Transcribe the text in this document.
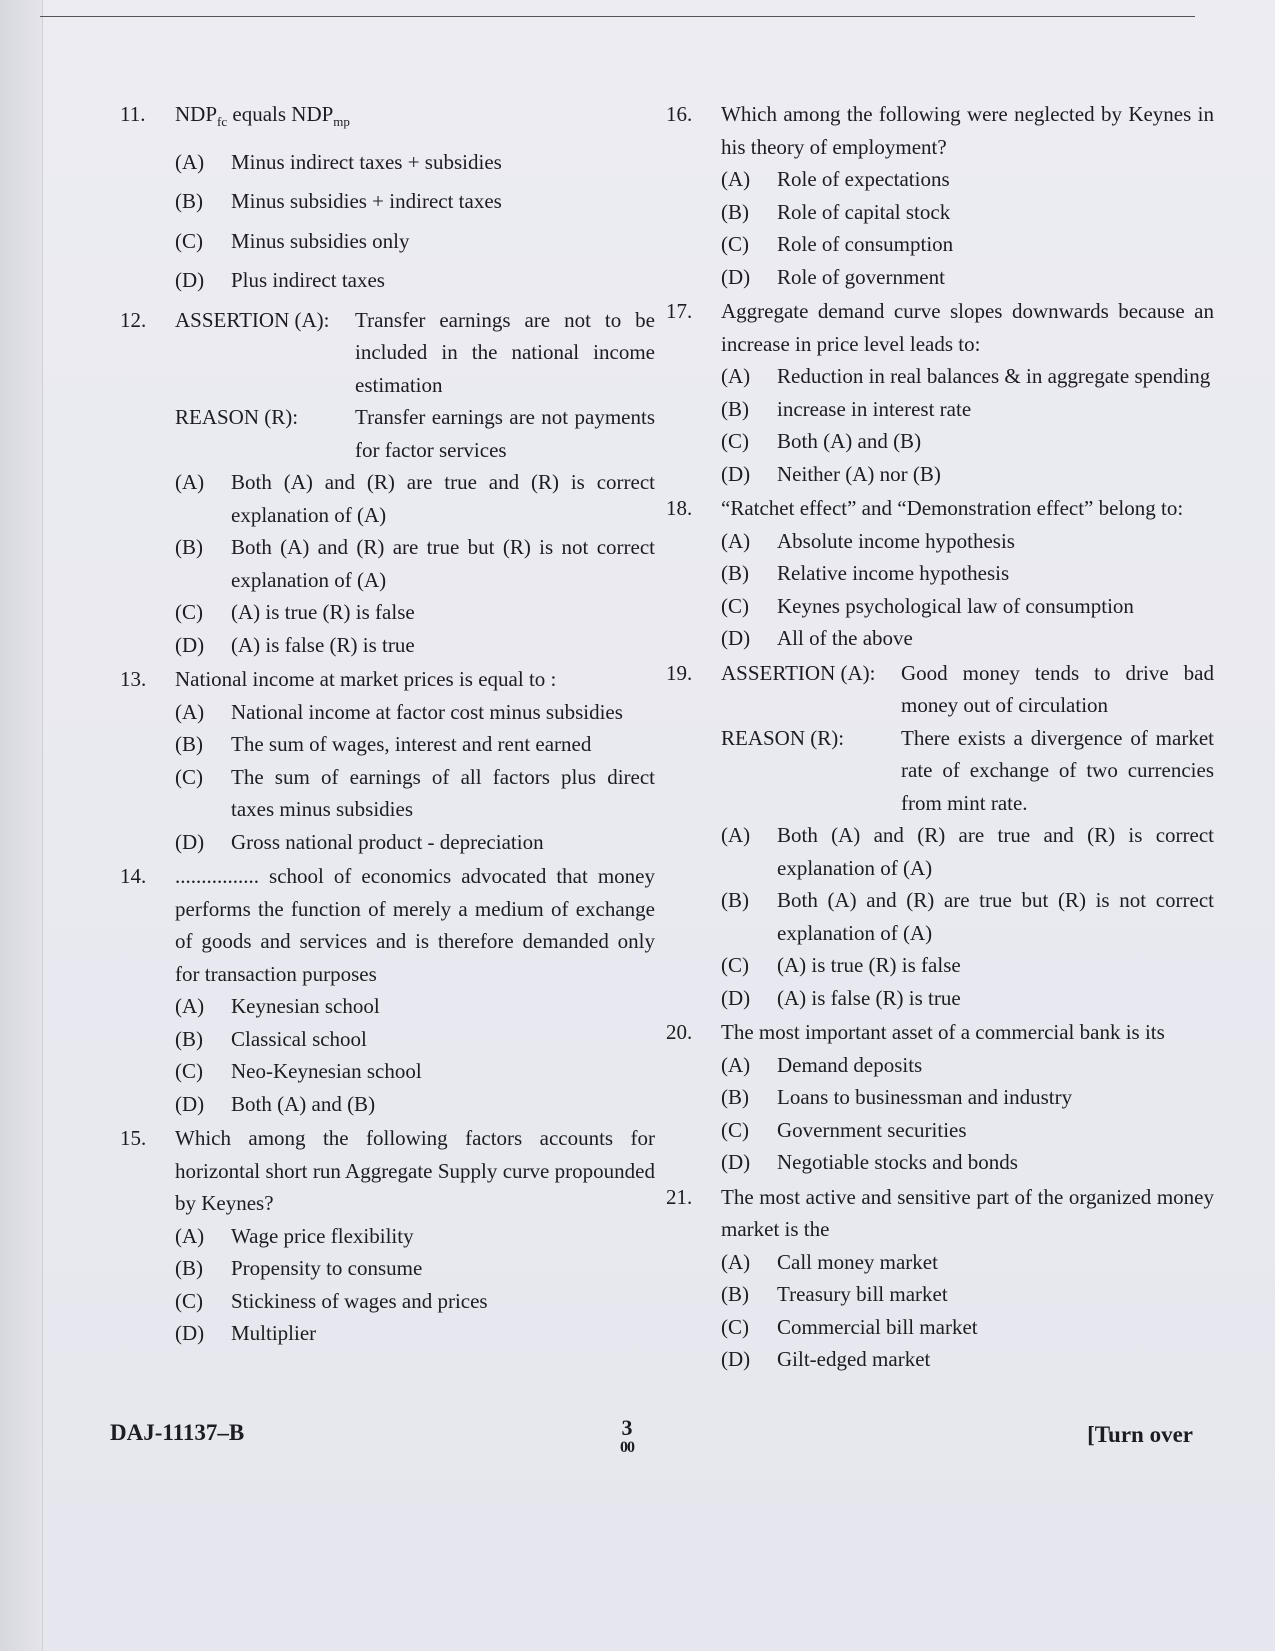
11.	$NDP_{fc}$ equals $NDP_{mp}$
(A)	Minus indirect taxes + subsidies
(B)	Minus subsidies + indirect taxes
(C)	Minus subsidies only
(D)	Plus indirect taxes
12.	ASSERTION (A):	Transfer earnings are not to be included in the national income estimation
REASON (R):	Transfer earnings are not payments for factor services
(A)	Both (A) and (R) are true and (R) is correct explanation of (A)
(B)	Both (A) and (R) are true but (R) is not correct explanation of (A)
(C)	(A) is true (R) is false
(D)	(A) is false (R) is true
13.	National income at market prices is equal to :
(A)	National income at factor cost minus subsidies
(B)	The sum of wages, interest and rent earned
(C)	The sum of earnings of all factors plus direct taxes minus subsidies
(D)	Gross national product - depreciation
14.	................ school of economics advocated that money performs the function of merely a medium of exchange of goods and services and is therefore demanded only for transaction purposes
(A)	Keynesian school
(B)	Classical school
(C)	Neo-Keynesian school
(D)	Both (A) and (B)
15.	Which among the following factors accounts for horizontal short run Aggregate Supply curve propounded by Keynes?
(A)	Wage price flexibility
(B)	Propensity to consume
(C)	Stickiness of wages and prices
(D)	Multiplier
16.	Which among the following were neglected by Keynes in his theory of employment?
(A)	Role of expectations
(B)	Role of capital stock
(C)	Role of consumption
(D)	Role of government
17.	Aggregate demand curve slopes downwards because an increase in price level leads to:
(A)	Reduction in real balances & in aggregate spending
(B)	increase in interest rate
(C)	Both (A) and (B)
(D)	Neither (A) nor (B)
18.	“Ratchet effect” and “Demonstration effect” belong to:
(A)	Absolute income hypothesis
(B)	Relative income hypothesis
(C)	Keynes psychological law of consumption
(D)	All of the above
19.	ASSERTION (A):	Good money tends to drive bad money out of circulation
REASON (R):	There exists a divergence of market rate of exchange of two currencies from mint rate.
(A)	Both (A) and (R) are true and (R) is correct explanation of (A)
(B)	Both (A) and (R) are true but (R) is not correct explanation of (A)
(C)	(A) is true (R) is false
(D)	(A) is false (R) is true
20.	The most important asset of a commercial bank is its
(A)	Demand deposits
(B)	Loans to businessman and industry
(C)	Government securities
(D)	Negotiable stocks and bonds
21.	The most active and sensitive part of the organized money market is the
(A)	Call money market
(B)	Treasury bill market
(C)	Commercial bill market
(D)	Gilt-edged market
DAJ-11137–B	3
00
[Turn over
